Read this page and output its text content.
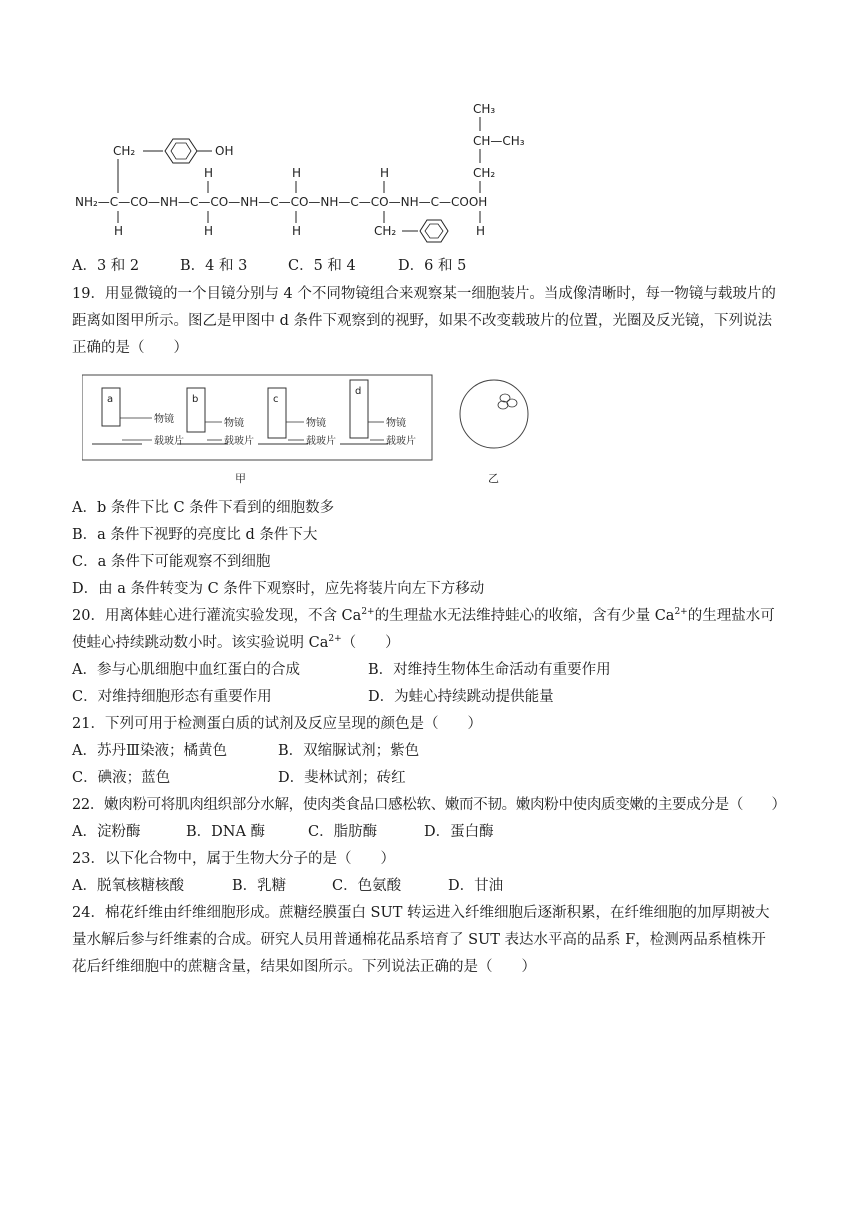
CH₃
CH—CH₃
CH₂
CH₂	OH
H	H	H
NH₂—C—CO—NH—C—CO—NH—C—CO—NH—C—CO—NH—C—COOH
H	H	H	CH₂	H
A．3 和 2	B．4 和 3	C．5 和 4	D．6 和 5
19．用显微镜的一个目镜分别与 4 个不同物镜组合来观察某一细胞装片。当成像清晰时，每一物镜与载玻片的
距离如图甲所示。图乙是甲图中 d 条件下观察到的视野，如果不改变载玻片的位置，光圈及反光镜，下列说法
正确的是（　　）
a
物镜
载玻片
b
物镜
载玻片
c
物镜
载玻片
d
物镜
载玻片
甲	乙
A．b 条件下比 C 条件下看到的细胞数多
B．a 条件下视野的亮度比 d 条件下大
C．a 条件下可能观察不到细胞
D．由 a 条件转变为 C 条件下观察时，应先将装片向左下方移动
20．用离体蛙心进行灌流实验发现，不含 $Ca^{2+}$的生理盐水无法维持蛙心的收缩，含有少量 $Ca^{2+}$的生理盐水可
使蛙心持续跳动数小时。该实验说明 $Ca^{2+}$（　　）
A．参与心肌细胞中血红蛋白的合成	B．对维持生物体生命活动有重要作用
C．对维持细胞形态有重要作用	D．为蛙心持续跳动提供能量
21．下列可用于检测蛋白质的试剂及反应呈现的颜色是（　　）
A．苏丹Ⅲ染液；橘黄色	B．双缩脲试剂；紫色
C．碘液；蓝色	D．斐林试剂；砖红
22．嫩肉粉可将肌肉组织部分水解，使肉类食品口感松软、嫩而不韧。嫩肉粉中使肉质变嫩的主要成分是（　　）
A．淀粉酶	B．DNA 酶	C．脂肪酶	D．蛋白酶
23．以下化合物中，属于生物大分子的是（　　）
A．脱氧核糖核酸	B．乳糖	C．色氨酸	D．甘油
24．棉花纤维由纤维细胞形成。蔗糖经膜蛋白 SUT 转运进入纤维细胞后逐渐积累，在纤维细胞的加厚期被大
量水解后参与纤维素的合成。研究人员用普通棉花品系培育了 SUT 表达水平高的品系 F，检测两品系植株开
花后纤维细胞中的蔗糖含量，结果如图所示。下列说法正确的是（　　）
